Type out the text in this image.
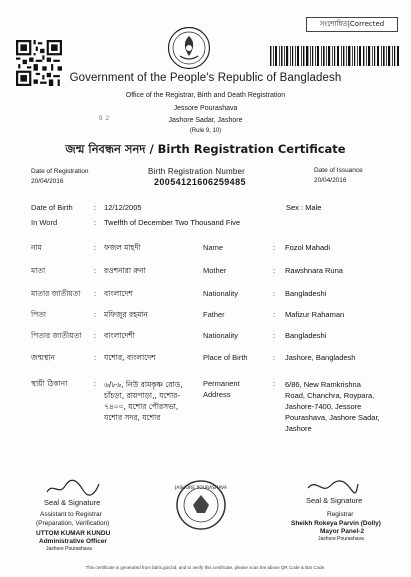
সংশোধিত|Corrected
9  2
Government of the People's Republic of Bangladesh
Office of the Registrar, Birth and Death Registration
Jessore Pourashava
Jashore Sadar, Jashore
(Rule 9, 10)
জন্ম নিবন্ধন সনদ / Birth Registration Certificate
Date of Registration
20/04/2016
Birth Registration Number
20054121606259485
Date of Issuance
20/04/2016
Date of Birth	: 12/12/2005	Sex : Male
In Word	: Twelfth of December Two Thousand Five
নাম	: ফজল মাহদী	Name	: Fozol Mahadi
মাতা	: রওশনারা রুনা	Mother	: Rawshnara Runa
মাতার জাতীয়তা : বাংলাদেশ	Nationality	: Bangladeshi
পিতা	: মফিজুর রহমান	Father	: Mafizur Rahaman
পিতার জাতীয়তা : বাংলাদেশী	Nationality	: Bangladeshi
জন্মস্থান	: যশোর, বাংলাদেশ	Place of Birth	: Jashore, Bangladesh
স্থায়ী ঠিকানা	: ৬/৮৬, নিউ রামকৃষ্ণ রোড, চাঁচড়া, রায়পাড়া,, যশোর- ৭৪০০, যশোর পৌরসভা, যশোর সদর, যশোর
Permanent
Address
: 6/86, New Ramkrishna Road, Chanchra, Roypara, Jashore-7400, Jessore Pourashava, Jashore Sadar, Jashore
Seal & Signature
Assistant to Registrar
(Preparation, Verification)
UTTOM KUMAR KUNDU
Administrative Officer
Jashore Pourashava
JASHORE POURASHAVA
Seal & Signature
Registrar
Sheikh Rokeya Parvin (Dolly)
Mayor Panel-2
Jashore Pourashava
This certificate is generated from bdris.gov.bd, and to verify this certificate, please scan the above QR Code & Bar Code.
